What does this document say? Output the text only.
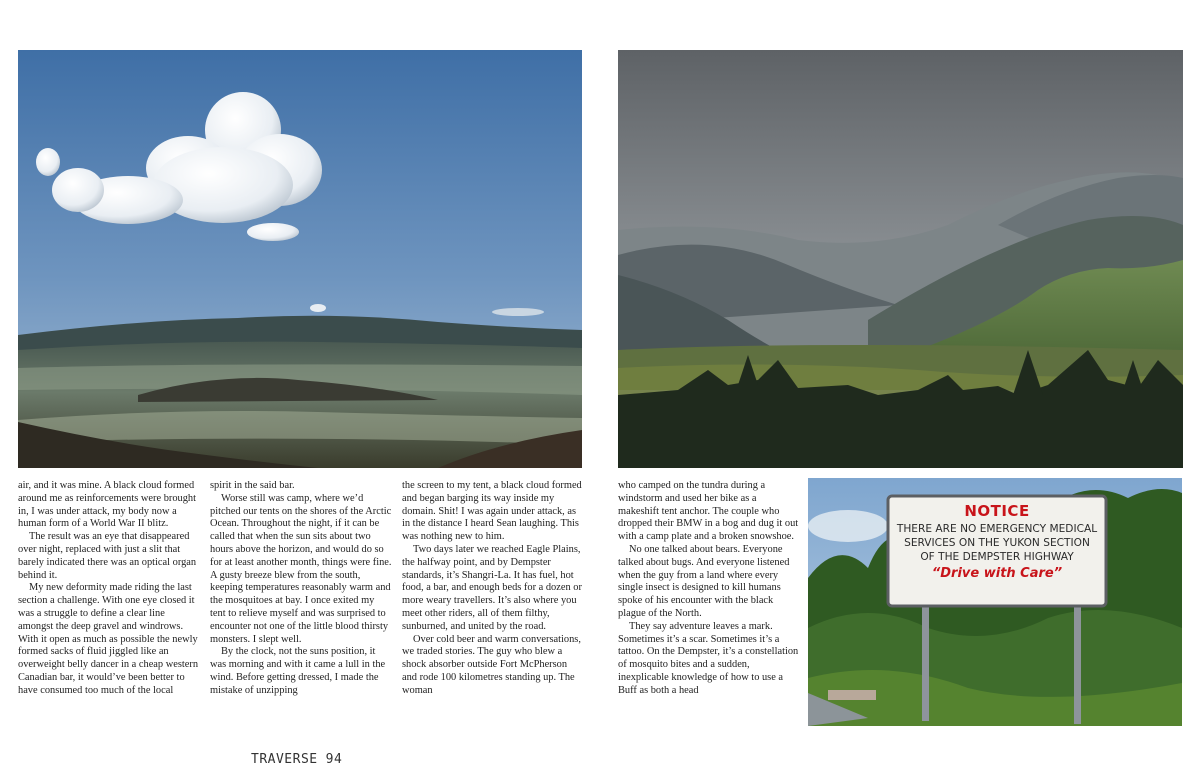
NOTICE
THERE ARE NO EMERGENCY MEDICAL
SERVICES ON THE YUKON SECTION
OF THE DEMPSTER HIGHWAY
“Drive with Care”

air, and it was mine. A black cloud formed around me as reinforcements were brought in, I was under attack, my body now a human form of a World War II blitz.

The result was an eye that disappeared over night, replaced with just a slit that barely indicated there was an optical organ behind it.

My new deformity made riding the last section a challenge. With one eye closed it was a struggle to define a clear line amongst the deep gravel and windrows. With it open as much as possible the newly formed sacks of fluid jiggled like an overweight belly dancer in a cheap western Canadian bar, it would’ve been better to have consumed too much of the local

spirit in the said bar.

Worse still was camp, where we’d pitched our tents on the shores of the Arctic Ocean. Throughout the night, if it can be called that when the sun sits about two hours above the horizon, and would do so for at least another month, things were fine. A gusty breeze blew from the south, keeping temperatures reasonably warm and the mosquitoes at bay. I once exited my tent to relieve myself and was surprised to encounter not one of the little blood thirsty monsters. I slept well.

By the clock, not the suns position, it was morning and with it came a lull in the wind. Before getting dressed, I made the mistake of unzipping

the screen to my tent, a black cloud formed and began barging its way inside my domain. Shit! I was again under attack, as in the distance I heard Sean laughing. This was nothing new to him.

Two days later we reached Eagle Plains, the halfway point, and by Dempster standards, it’s Shangri-La. It has fuel, hot food, a bar, and enough beds for a dozen or more weary travellers. It’s also where you meet other riders, all of them filthy, sunburned, and united by the road.

Over cold beer and warm conversations, we traded stories. The guy who blew a shock absorber outside Fort McPherson and rode 100 kilometres standing up. The woman

who camped on the tundra during a windstorm and used her bike as a makeshift tent anchor. The couple who dropped their BMW in a bog and dug it out with a camp plate and a broken snowshoe.

No one talked about bears. Everyone talked about bugs. And everyone listened when the guy from a land where every single insect is designed to kill humans spoke of his encounter with the black plague of the North.

They say adventure leaves a mark. Sometimes it’s a scar. Sometimes it’s a tattoo. On the Dempster, it’s a constellation of mosquito bites and a sudden, inexplicable knowledge of how to use a Buff as both a head

TRAVERSE 94
